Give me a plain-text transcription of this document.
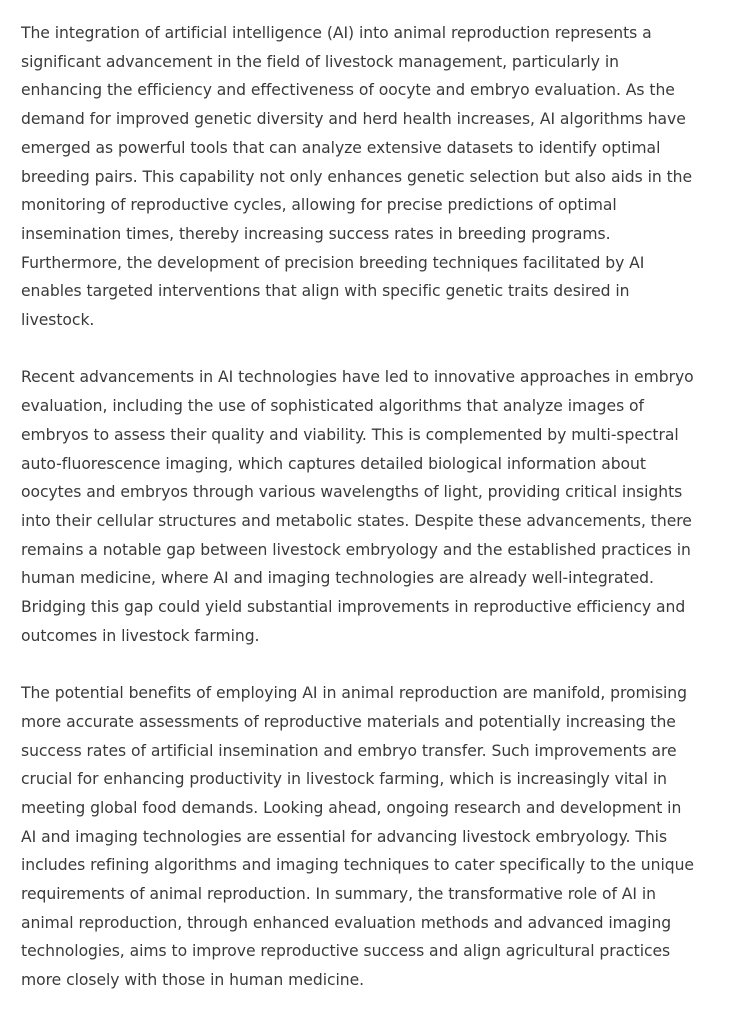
The integration of artificial intelligence (AI) into animal reproduction represents a significant advancement in the field of livestock management, particularly in enhancing the efficiency and effectiveness of oocyte and embryo evaluation. As the demand for improved genetic diversity and herd health increases, AI algorithms have emerged as powerful tools that can analyze extensive datasets to identify optimal breeding pairs. This capability not only enhances genetic selection but also aids in the monitoring of reproductive cycles, allowing for precise predictions of optimal insemination times, thereby increasing success rates in breeding programs. Furthermore, the development of precision breeding techniques facilitated by AI enables targeted interventions that align with specific genetic traits desired in livestock.

Recent advancements in AI technologies have led to innovative approaches in embryo evaluation, including the use of sophisticated algorithms that analyze images of embryos to assess their quality and viability. This is complemented by multi-spectral auto-fluorescence imaging, which captures detailed biological information about oocytes and embryos through various wavelengths of light, providing critical insights into their cellular structures and metabolic states. Despite these advancements, there remains a notable gap between livestock embryology and the established practices in human medicine, where AI and imaging technologies are already well-integrated. Bridging this gap could yield substantial improvements in reproductive efficiency and outcomes in livestock farming.

The potential benefits of employing AI in animal reproduction are manifold, promising more accurate assessments of reproductive materials and potentially increasing the success rates of artificial insemination and embryo transfer. Such improvements are crucial for enhancing productivity in livestock farming, which is increasingly vital in meeting global food demands. Looking ahead, ongoing research and development in AI and imaging technologies are essential for advancing livestock embryology. This includes refining algorithms and imaging techniques to cater specifically to the unique requirements of animal reproduction. In summary, the transformative role of AI in animal reproduction, through enhanced evaluation methods and advanced imaging technologies, aims to improve reproductive success and align agricultural practices more closely with those in human medicine.
